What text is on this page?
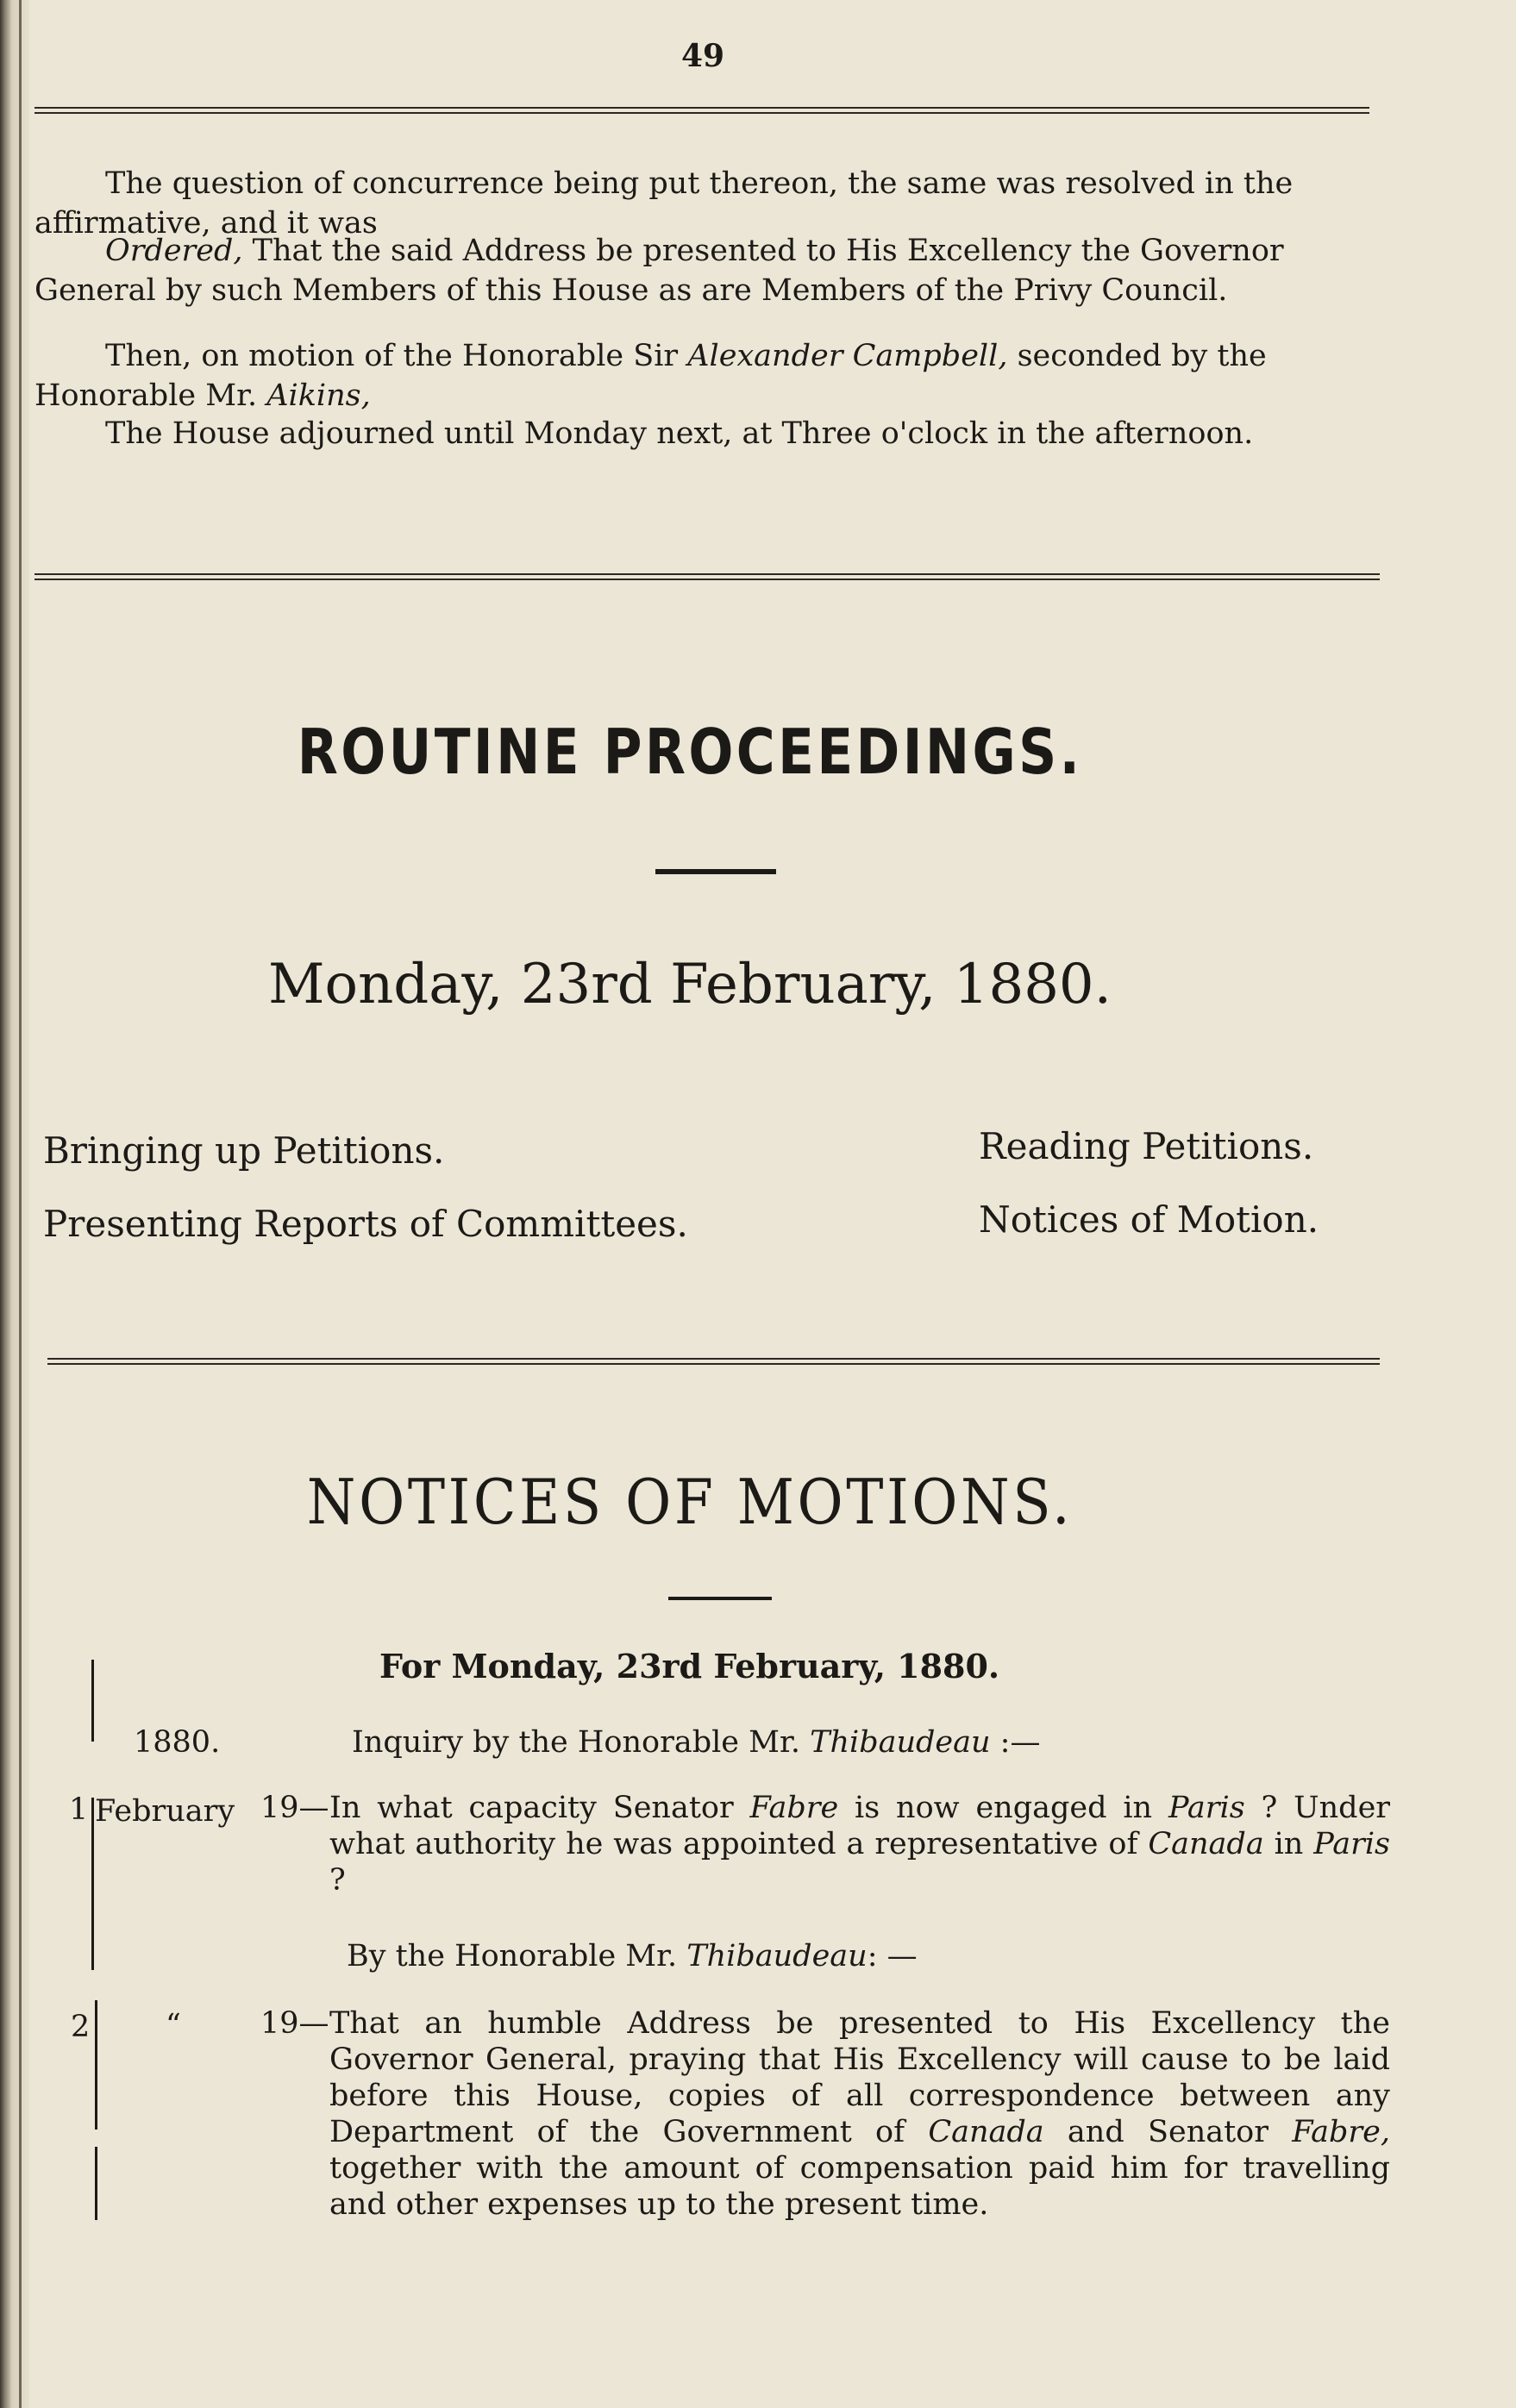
49
The question of concurrence being put thereon, the same was resolved in the affirmative, and it was
Ordered, That the said Address be presented to His Excellency the Governor General by such Members of this House as are Members of the Privy Council.
Then, on motion of the Honorable Sir Alexander Campbell, seconded by the Honorable Mr. Aikins,
The House adjourned until Monday next, at Three o'clock in the afternoon.
ROUTINE PROCEEDINGS.
Monday, 23rd February, 1880.
Bringing up Petitions.	Reading Petitions.
Presenting Reports of Committees.	Notices of Motion.
NOTICES OF MOTIONS.
For Monday, 23rd February, 1880.
1880.	Inquiry by the Honorable Mr. Thibaudeau :—
1 February 19— In what capacity Senator Fabre is now engaged in Paris ? Under what authority he was appointed a representative of Canada in Paris ?
By the Honorable Mr. Thibaudeau: —
2	“	19— That an humble Address be presented to His Excellency the Governor General, praying that His Excellency will cause to be laid before this House, copies of all correspondence between any Department of the Government of Canada and Senator Fabre, together with the amount of compensation paid him for travelling and other expenses up to the present time.
